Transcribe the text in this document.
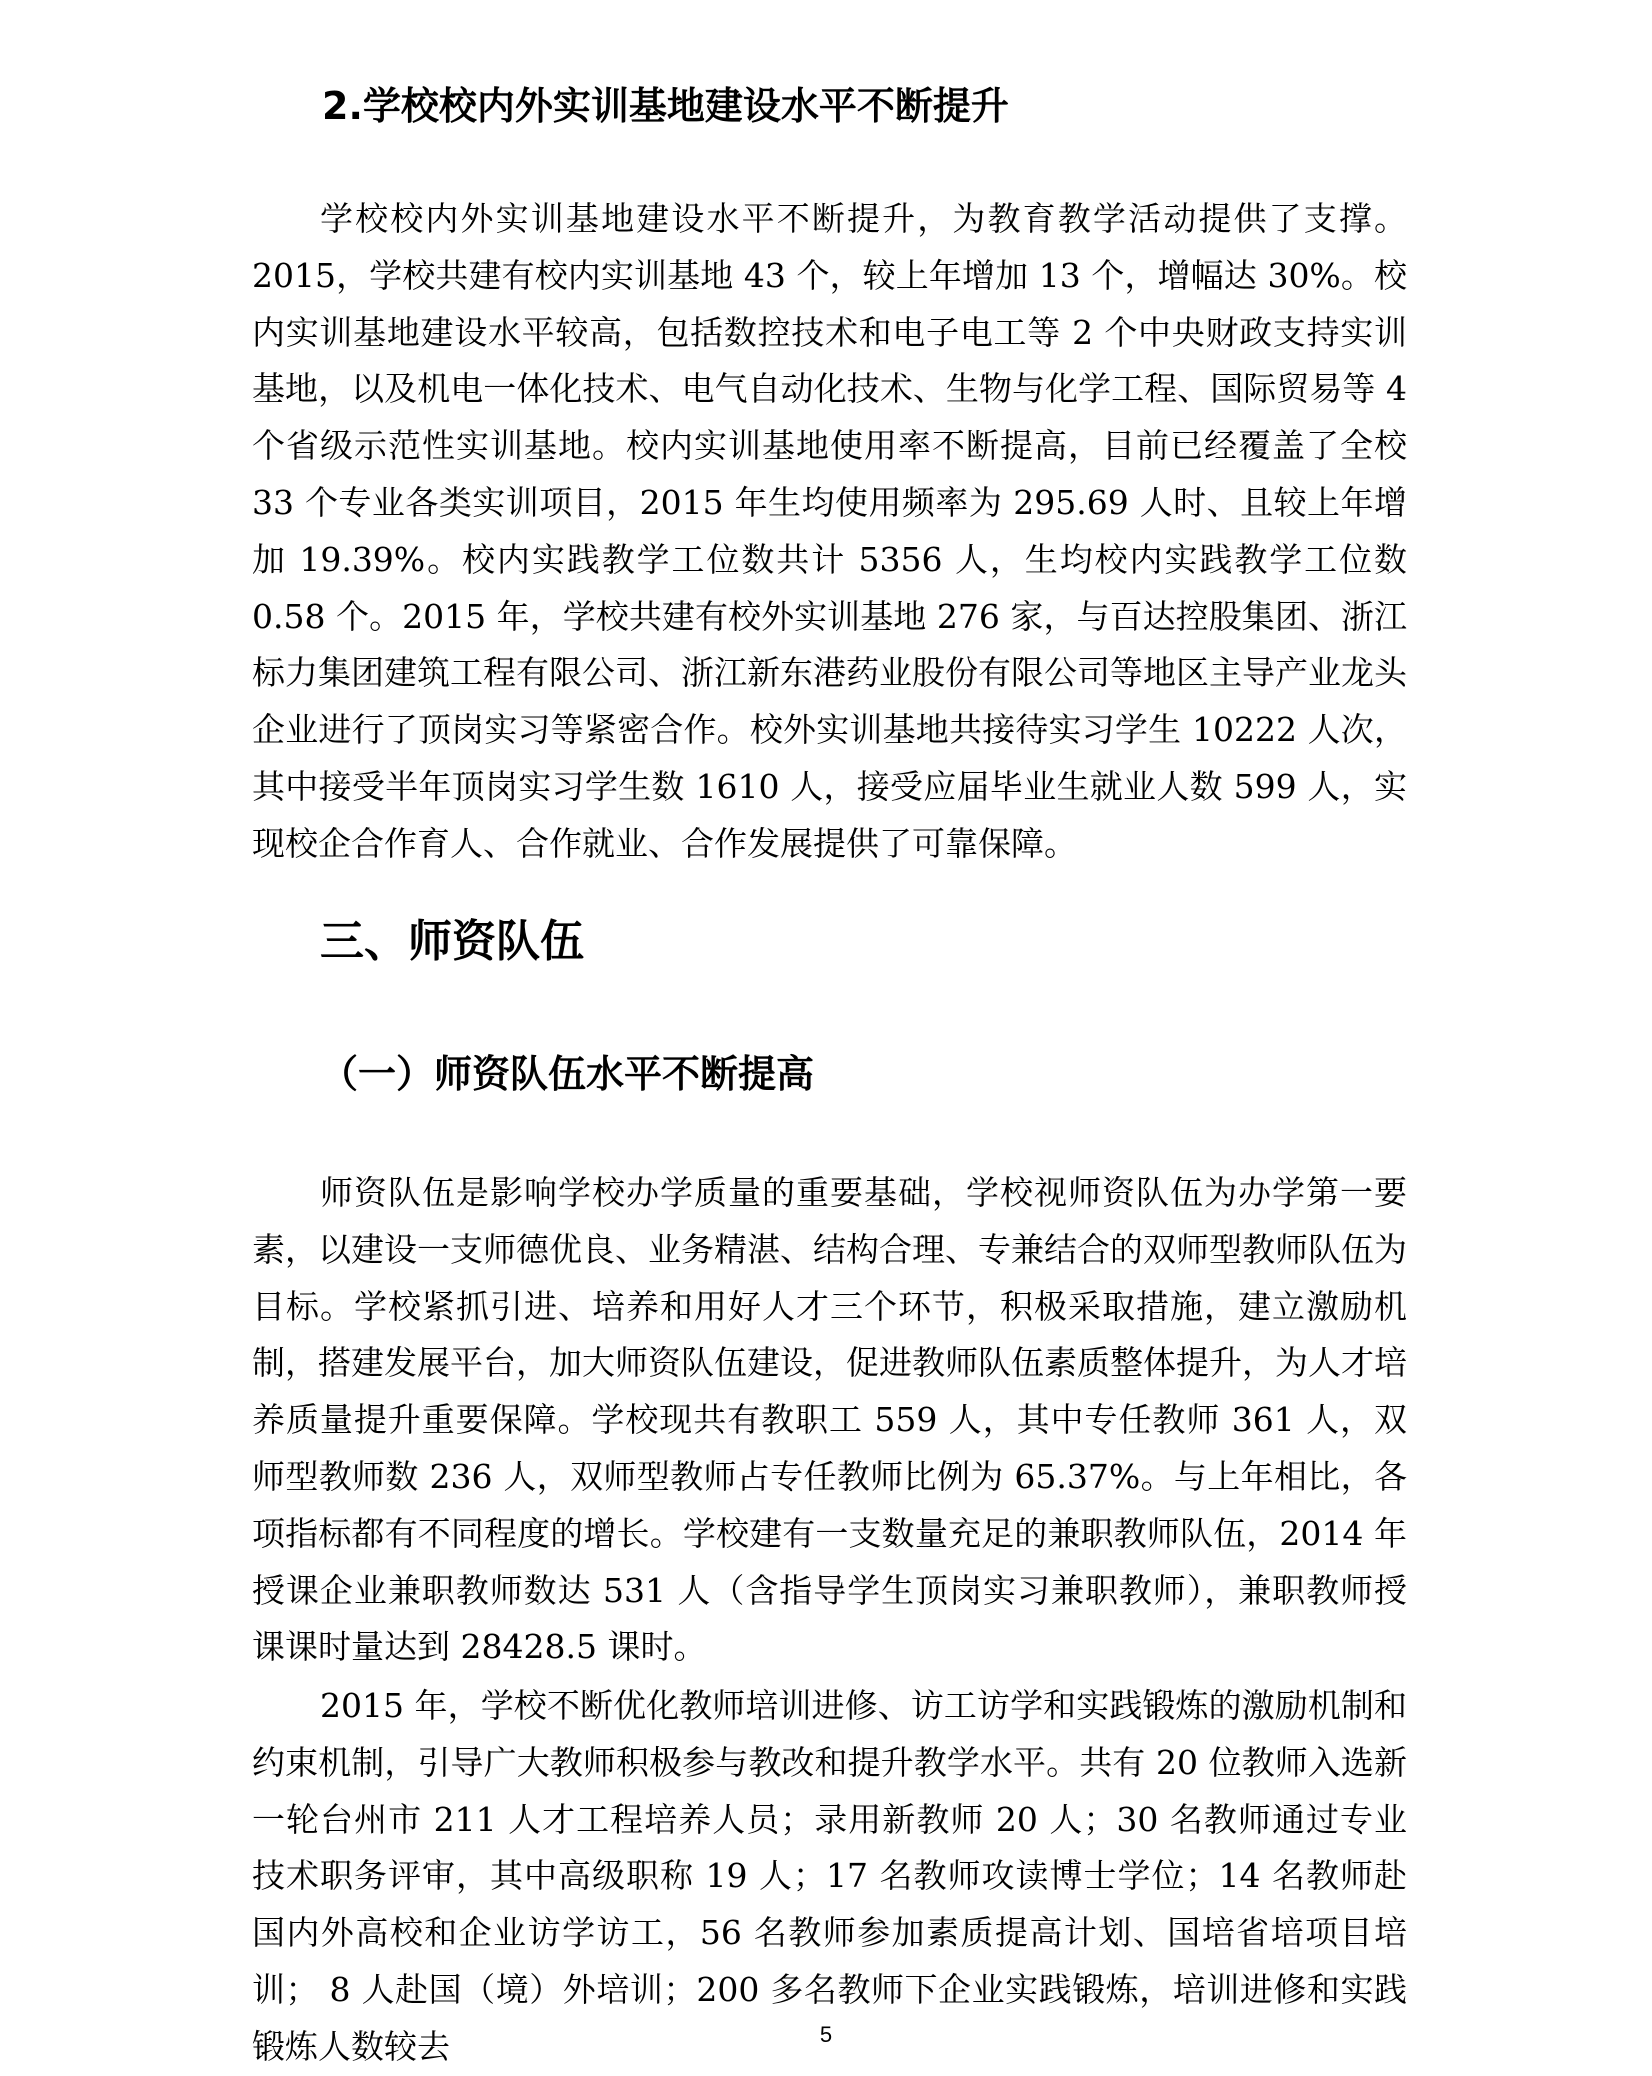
2.学校校内外实训基地建设水平不断提升

学校校内外实训基地建设水平不断提升，为教育教学活动提供了支撑。2015，学校共建有校内实训基地 43 个，较上年增加 13 个，增幅达 30%。校内实训基地建设水平较高，包括数控技术和电子电工等 2 个中央财政支持实训基地，以及机电一体化技术、电气自动化技术、生物与化学工程、国际贸易等 4 个省级示范性实训基地。校内实训基地使用率不断提高，目前已经覆盖了全校 33 个专业各类实训项目，2015 年生均使用频率为 295.69 人时、且较上年增加 19.39%。校内实践教学工位数共计 5356 人，生均校内实践教学工位数 0.58 个。2015 年，学校共建有校外实训基地 276 家，与百达控股集团、浙江标力集团建筑工程有限公司、浙江新东港药业股份有限公司等地区主导产业龙头企业进行了顶岗实习等紧密合作。校外实训基地共接待实习学生 10222 人次，其中接受半年顶岗实习学生数 1610 人，接受应届毕业生就业人数 599 人，实现校企合作育人、合作就业、合作发展提供了可靠保障。

三、师资队伍
（一）师资队伍水平不断提高

师资队伍是影响学校办学质量的重要基础，学校视师资队伍为办学第一要素，以建设一支师德优良、业务精湛、结构合理、专兼结合的双师型教师队伍为目标。学校紧抓引进、培养和用好人才三个环节，积极采取措施，建立激励机制，搭建发展平台，加大师资队伍建设，促进教师队伍素质整体提升，为人才培养质量提升重要保障。学校现共有教职工 559 人，其中专任教师 361 人，双师型教师数 236 人，双师型教师占专任教师比例为 65.37%。与上年相比，各项指标都有不同程度的增长。学校建有一支数量充足的兼职教师队伍，2014 年授课企业兼职教师数达 531 人（含指导学生顶岗实习兼职教师），兼职教师授课课时量达到 28428.5 课时。

2015 年，学校不断优化教师培训进修、访工访学和实践锻炼的激励机制和约束机制，引导广大教师积极参与教改和提升教学水平。共有 20 位教师入选新一轮台州市 211 人才工程培养人员；录用新教师 20 人；30 名教师通过专业技术职务评审，其中高级职称 19 人；17 名教师攻读博士学位；14 名教师赴国内外高校和企业访学访工，56 名教师参加素质提高计划、国培省培项目培训； 8 人赴国（境）外培训；200 多名教师下企业实践锻炼，培训进修和实践锻炼人数较去	5
